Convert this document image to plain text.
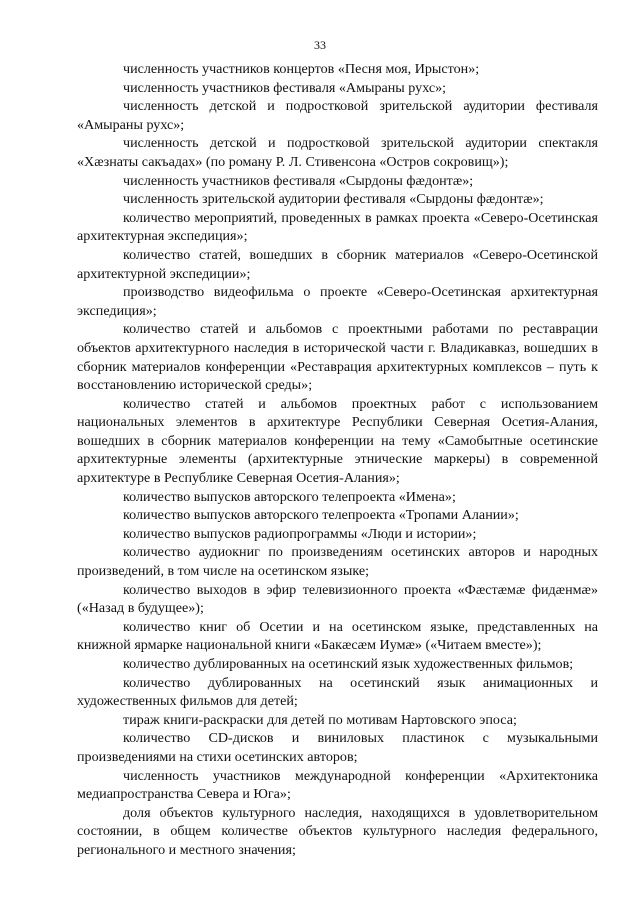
33

численность участников концертов «Песня моя, Ирыстон»;

численность участников фестиваля «Амыраны рухс»;

численность детской и подростковой зрительской аудитории фестиваля «Амыраны рухс»;

численность детской и подростковой зрительской аудитории спектакля «Хæзнаты сакъадах» (по роману Р. Л. Стивенсона «Остров сокровищ»);

численность участников фестиваля «Сырдоны фæдонтæ»;

численность зрительской аудитории фестиваля «Сырдоны фæдонтæ»;

количество мероприятий, проведенных в рамках проекта «Северо-Осетинская архитектурная экспедиция»;

количество статей, вошедших в сборник материалов «Северо-Осетинской архитектурной экспедиции»;

производство видеофильма о проекте «Северо-Осетинская архитектурная экспедиция»;

количество статей и альбомов с проектными работами по реставрации объектов архитектурного наследия в исторической части г. Владикавказ, вошедших в сборник материалов конференции «Реставрация архитектурных комплексов – путь к восстановлению исторической среды»;

количество статей и альбомов проектных работ с использованием национальных элементов в архитектуре Республики Северная Осетия-Алания, вошедших в сборник материалов конференции на тему «Самобытные осетинские архитектурные элементы (архитектурные этнические маркеры) в современной архитектуре в Республике Северная Осетия-Алания»;

количество выпусков авторского телепроекта «Имена»;

количество выпусков авторского телепроекта «Тропами Алании»;

количество выпусков радиопрограммы «Люди и истории»;

количество аудиокниг по произведениям осетинских авторов и народных произведений, в том числе на осетинском языке;

количество выходов в эфир телевизионного проекта «Фæстæмæ фидæнмæ» («Назад в будущее»);

количество книг об Осетии и на осетинском языке, представленных на книжной ярмарке национальной книги «Бакæсæм Иумæ» («Читаем вместе»);

количество дублированных на осетинский язык художественных фильмов;

количество дублированных на осетинский язык анимационных и художественных фильмов для детей;

тираж книги-раскраски для детей по мотивам Нартовского эпоса;

количество CD-дисков и виниловых пластинок с музыкальными произведениями на стихи осетинских авторов;

численность участников международной конференции «Архитектоника медиапространства Севера и Юга»;

доля объектов культурного наследия, находящихся в удовлетворительном состоянии, в общем количестве объектов культурного наследия федерального, регионального и местного значения;
